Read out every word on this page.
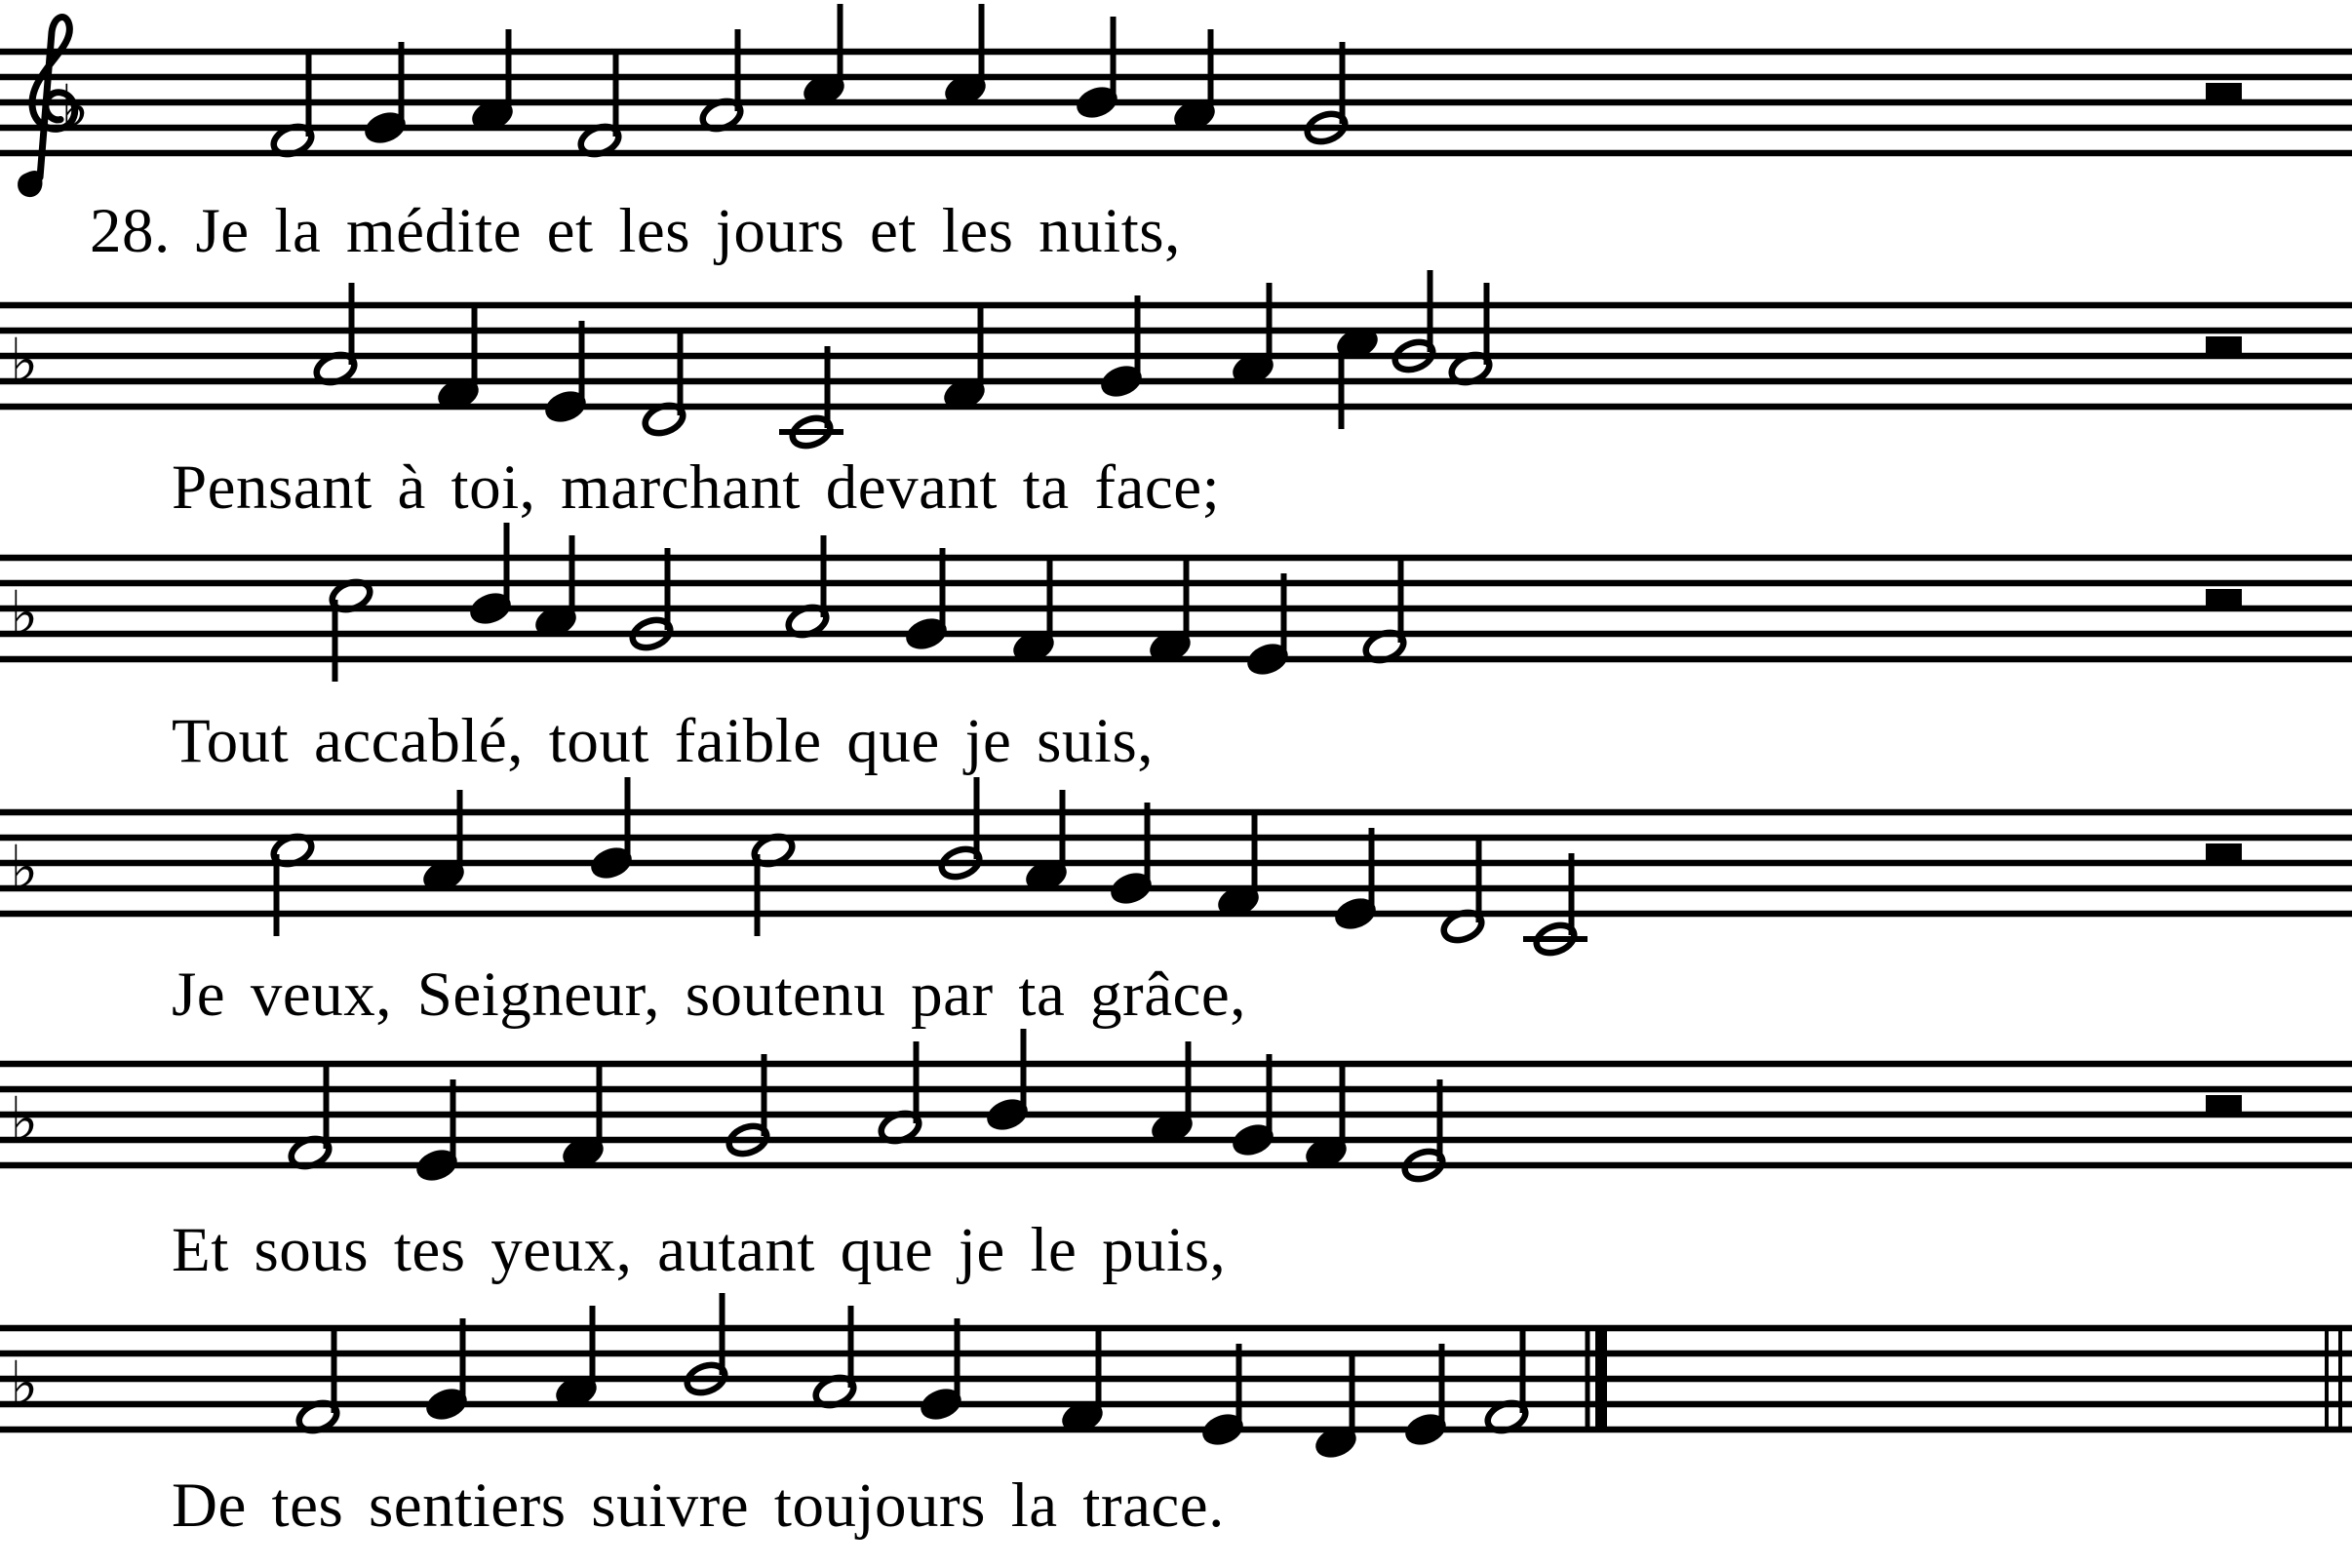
♭
♭
♭
♭
♭
♭
28. Je la médite et les jours et les nuits,
Pensant à toi, marchant devant ta face;
Tout accablé, tout faible que je suis,
Je veux, Seigneur, soutenu par ta grâce,
Et sous tes yeux, autant que je le puis,
De tes sentiers suivre toujours la trace.
